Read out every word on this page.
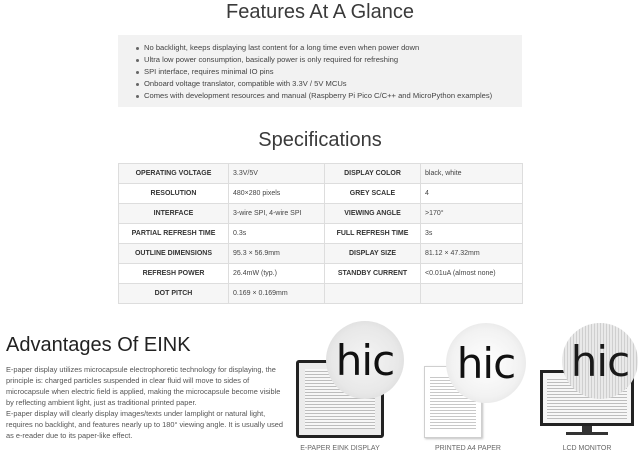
Features At A Glance
No backlight, keeps displaying last content for a long time even when power down
Ultra low power consumption, basically power is only required for refreshing
SPI interface, requires minimal IO pins
Onboard voltage translator, compatible with 3.3V / 5V MCUs
Comes with development resources and manual (Raspberry Pi Pico C/C++ and MicroPython examples)
Specifications
OPERATING VOLTAGE	3.3V/5V	DISPLAY COLOR	black, white
RESOLUTION	480×280 pixels	GREY SCALE	4
INTERFACE	3-wire SPI, 4-wire SPI	VIEWING ANGLE	>170°
PARTIAL REFRESH TIME	0.3s	FULL REFRESH TIME	3s
OUTLINE DIMENSIONS	95.3 × 56.9mm	DISPLAY SIZE	81.12 × 47.32mm
REFRESH POWER	26.4mW (typ.)	STANDBY CURRENT	<0.01uA (almost none)
DOT PITCH	0.169 × 0.169mm		
Advantages Of EINK

E-paper display utilizes microcapsule electrophoretic technology for displaying, the principle is: charged particles suspended in clear fluid will move to sides of microcapsule when electric field is applied, making the microcapsule become visible by reflecting ambient light, just as traditional printed paper.

E-paper display will clearly display images/texts under lamplight or natural light, requires no backlight, and features nearly up to 180° viewing angle. It is usually used as e-reader due to its paper-like effect.

hic
E-PAPER EINK DISPLAY
hic
PRINTED A4 PAPER
hic
LCD MONITOR
